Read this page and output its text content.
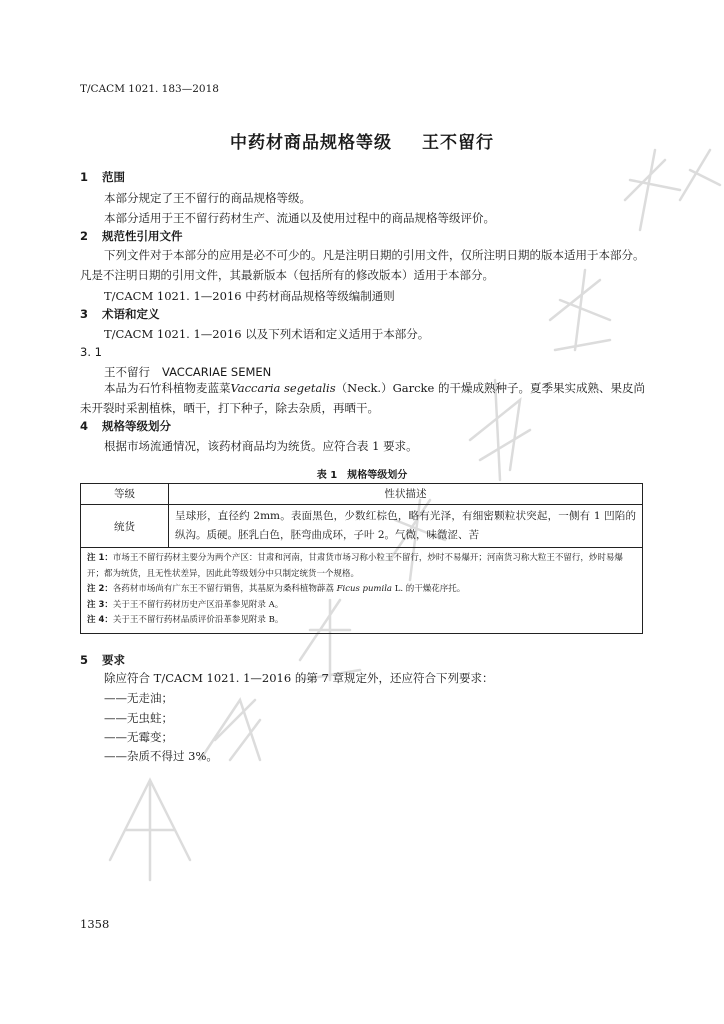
T/CACM 1021. 183—2018
中药材商品规格等级 王不留行
1 范围
本部分规定了王不留行的商品规格等级。
本部分适用于王不留行药材生产、流通以及使用过程中的商品规格等级评价。
2 规范性引用文件
下列文件对于本部分的应用是必不可少的。凡是注明日期的引用文件，仅所注明日期的版本适用于本部分。凡是不注明日期的引用文件，其最新版本（包括所有的修改版本）适用于本部分。
T/CACM 1021. 1—2016 中药材商品规格等级编制通则
3 术语和定义
T/CACM 1021. 1—2016 以及下列术语和定义适用于本部分。
3. 1
王不留行 VACCARIAE SEMEN
本品为石竹科植物麦蓝菜Vaccaria segetalis（Neck.）Garcke 的干燥成熟种子。夏季果实成熟、果皮尚未开裂时采割植株，晒干，打下种子，除去杂质，再晒干。
4 规格等级划分
根据市场流通情况，该药材商品均为统货。应符合表 1 要求。
表 1　规格等级划分
等级	性状描述
统货
呈球形，直径约 2mm。表面黑色，少数红棕色，略有光泽，有细密颗粒状突起，一侧有 1 凹陷的纵沟。质硬。胚乳白色，胚弯曲成环，子叶 2。气微，味微涩、苦
注 1：市场王不留行药材主要分为两个产区：甘肃和河南，甘肃货市场习称小粒王不留行，炒时不易爆开；河南货习称大粒王不留行，炒时易爆开；都为统货，且无性状差异，因此此等级划分中只制定统货一个规格。
注 2：各药材市场尚有广东王不留行销售，其基原为桑科植物薜荔 Ficus pumila L. 的干燥花序托。
注 3：关于王不留行药材历史产区沿革参见附录 A。
注 4：关于王不留行药材品质评价沿革参见附录 B。
5 要求
除应符合 T/CACM 1021. 1—2016 的第 7 章规定外，还应符合下列要求：
——无走油；
——无虫蛀；
——无霉变；
——杂质不得过 3%。
1358
